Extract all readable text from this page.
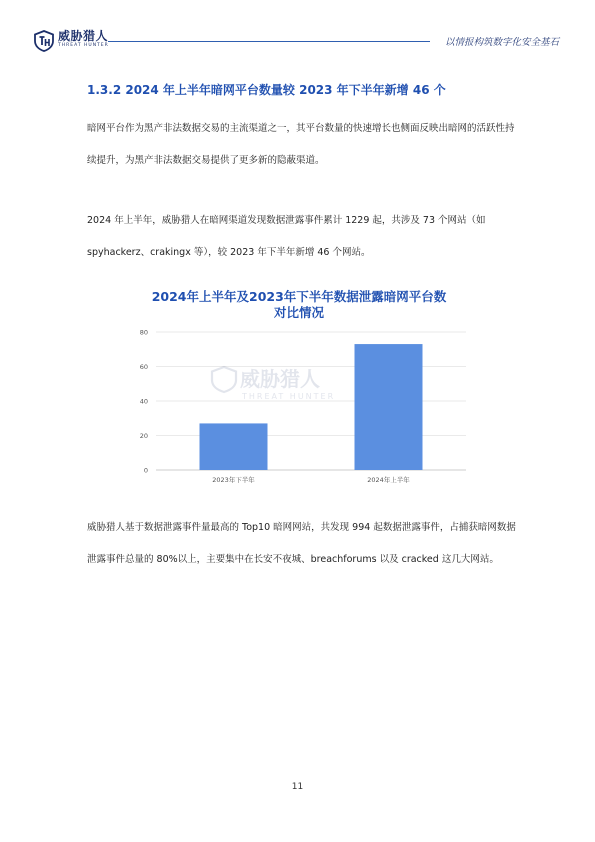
威胁猎人
THREAT HUNTER	以情报构筑数字化安全基石
1.3.2 2024 年上半年暗网平台数量较 2023 年下半年新增 46 个
暗网平台作为黑产非法数据交易的主流渠道之一，其平台数量的快速增长也侧面反映出暗网的活跃性持续提升，为黑产非法数据交易提供了更多新的隐蔽渠道。
2024 年上半年，威胁猎人在暗网渠道发现数据泄露事件累计 1229 起，共涉及 73 个网站（如 spyhackerz、crakingx 等），较 2023 年下半年新增 46 个网站。
威胁猎人
THREAT HUNTER
0
20
40
60
80
2023年下半年	2024年上半年
2024年上半年及2023年下半年数据泄露暗网平台数
对比情况
威胁猎人基于数据泄露事件量最高的 Top10 暗网网站，共发现 994 起数据泄露事件，占捕获暗网数据泄露事件总量的 80%以上，主要集中在长安不夜城、breachforums 以及 cracked 这几大网站。
11
